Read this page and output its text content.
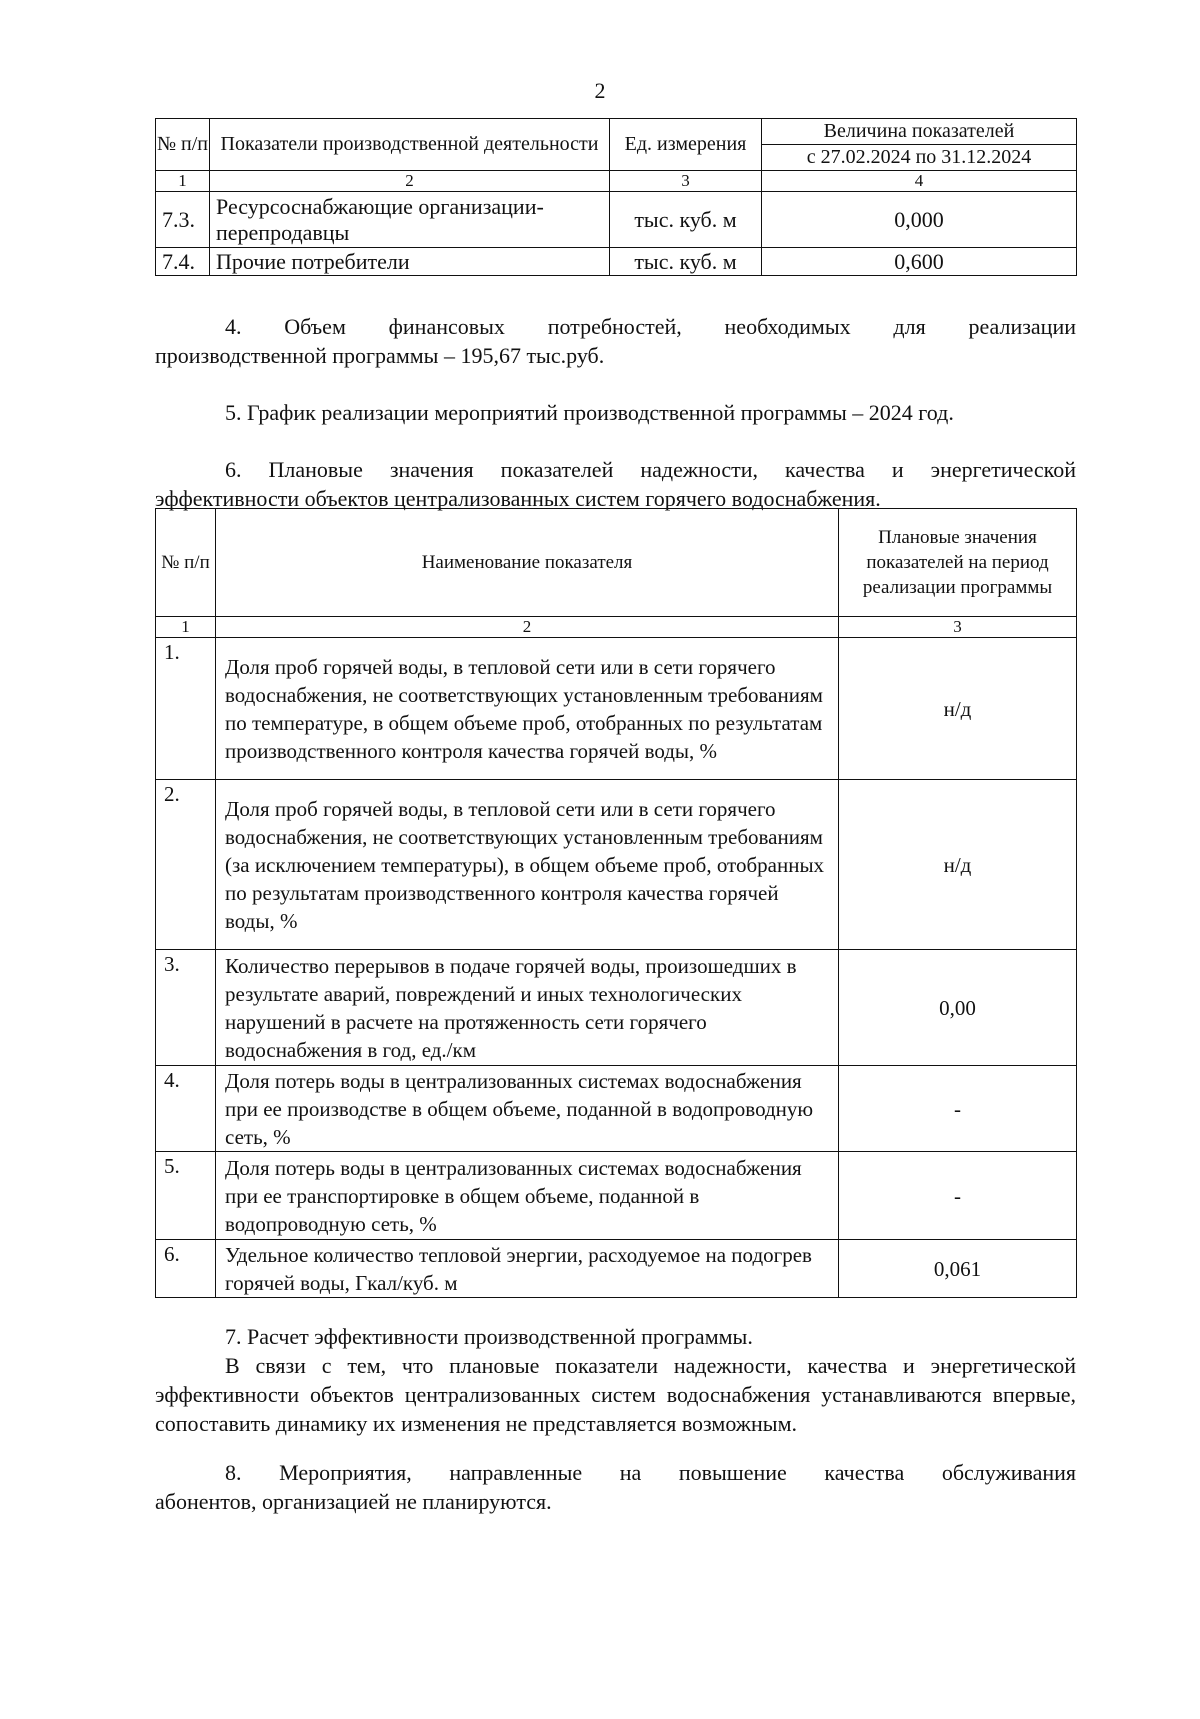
2
№ п/п	Показатели производственной деятельности	Ед. измерения	Величина показателей
			с 27.02.2024 по 31.12.2024
1	2	3	4
7.3.	Ресурсоснабжающие организации-перепродавцы	тыс. куб. м	0,000
7.4.	Прочие потребители	тыс. куб. м	0,600
4. Объем финансовых потребностей, необходимых для реализации
производственной программы – 195,67 тыс.руб.
5. График реализации мероприятий производственной программы – 2024 год.
6. Плановые значения показателей надежности, качества и энергетической
эффективности объектов централизованных систем горячего водоснабжения.
№ п/п	Наименование показателя	Плановые значения показателей на период реализации программы
1	2	3
1.	Доля проб горячей воды, в тепловой сети или в сети горячего водоснабжения, не соответствующих установленным требованиям по температуре, в общем объеме проб, отобранных по результатам производственного контроля качества горячей воды, %	н/д
2.	Доля проб горячей воды, в тепловой сети или в сети горячего водоснабжения, не соответствующих установленным требованиям (за исключением температуры), в общем объеме проб, отобранных по результатам производственного контроля качества горячей воды, %	н/д
3.	Количество перерывов в подаче горячей воды, произошедших в результате аварий, повреждений и иных технологических нарушений в расчете на протяженность сети горячего водоснабжения в год, ед./км	0,00
4.	Доля потерь воды в централизованных системах водоснабжения при ее производстве в общем объеме, поданной в водопроводную сеть, %	-
5.	Доля потерь воды в централизованных системах водоснабжения при ее транспортировке в общем объеме, поданной в водопроводную сеть, %	-
6.	Удельное количество тепловой энергии, расходуемое на подогрев горячей воды, Гкал/куб. м	0,061
7. Расчет эффективности производственной программы.
В связи с тем, что плановые показатели надежности, качества и энергетической эффективности объектов централизованных систем водоснабжения устанавливаются впервые, сопоставить динамику их изменения не представляется возможным.
8. Мероприятия, направленные на повышение качества обслуживания
абонентов, организацией не планируются.
